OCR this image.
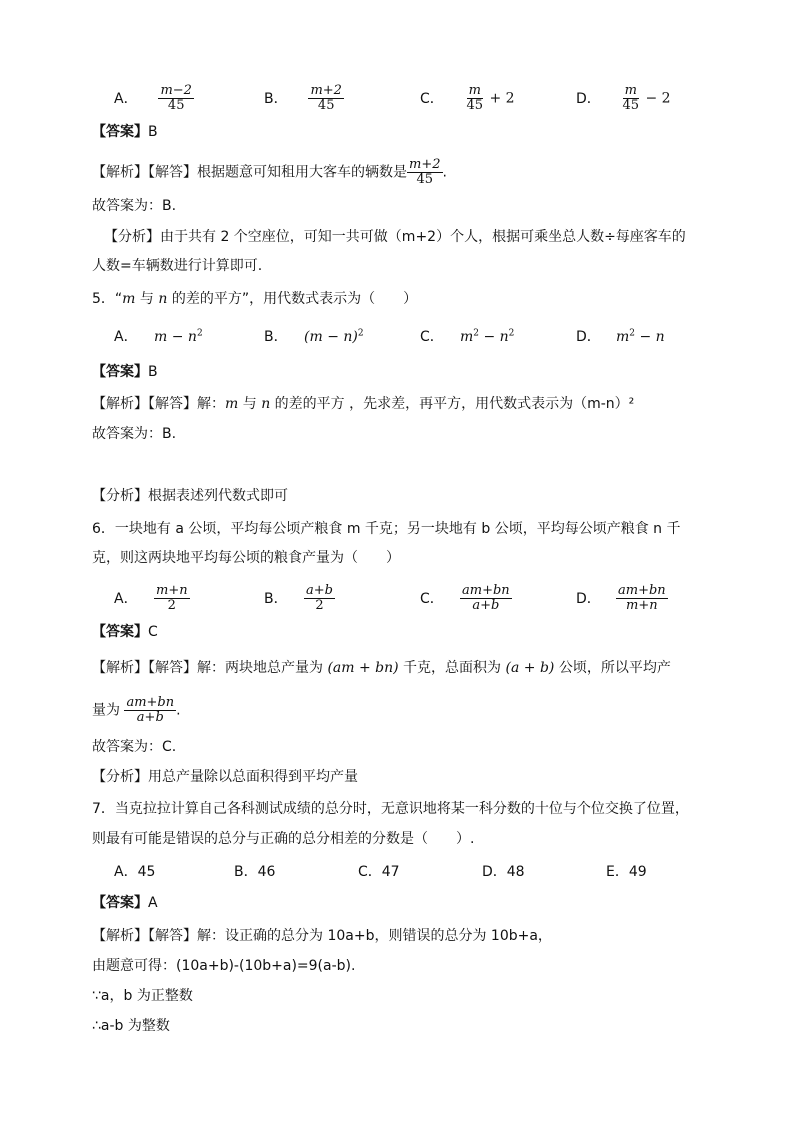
A． $\frac{m-2}{45}$	B． $\frac{m+2}{45}$	C． $\frac{m}{45} + 2$	D． $\frac{m}{45} - 2$
【答案】B
【解析】【解答】根据题意可知租用大客车的辆数是 $\frac{m+2}{45}$ .
故答案为：B.
【分析】由于共有 2 个空座位，可知一共可做（m+2）个人，根据可乘坐总人数÷每座客车的
人数=车辆数进行计算即可.
5．“m 与 n 的差的平方”，用代数式表示为（　　）
A． $m - n^2$	B． $(m - n)^2$	C． $m^2 - n^2$	D． $m^2 - n$
【答案】B
【解析】【解答】解：m 与 n 的差的平方 ，先求差，再平方，用代数式表示为（m-n）²
故答案为：B.
【分析】根据表述列代数式即可
6．一块地有 a 公顷，平均每公顷产粮食 m 千克；另一块地有 b 公顷，平均每公顷产粮食 n 千
克，则这两块地平均每公顷的粮食产量为（　　）
A． $\frac{m+n}{2}$	B． $\frac{a+b}{2}$	C． $\frac{am+bn}{a+b}$	D． $\frac{am+bn}{m+n}$
【答案】C
【解析】【解答】解：两块地总产量为 (am + bn) 千克，总面积为 (a + b) 公顷，所以平均产
量为 $\frac{am+bn}{a+b}$ .
故答案为：C.
【分析】用总产量除以总面积得到平均产量
7．当克拉拉计算自己各科测试成绩的总分时，无意识地将某一科分数的十位与个位交换了位置，
则最有可能是错误的总分与正确的总分相差的分数是（　　）.
A．45	B．46	C．47	D．48	E．49
【答案】A
【解析】【解答】解：设正确的总分为 10a+b，则错误的总分为 10b+a，
由题意可得：(10a+b)-(10b+a)=9(a-b).
∵a，b 为正整数
∴a-b 为整数
